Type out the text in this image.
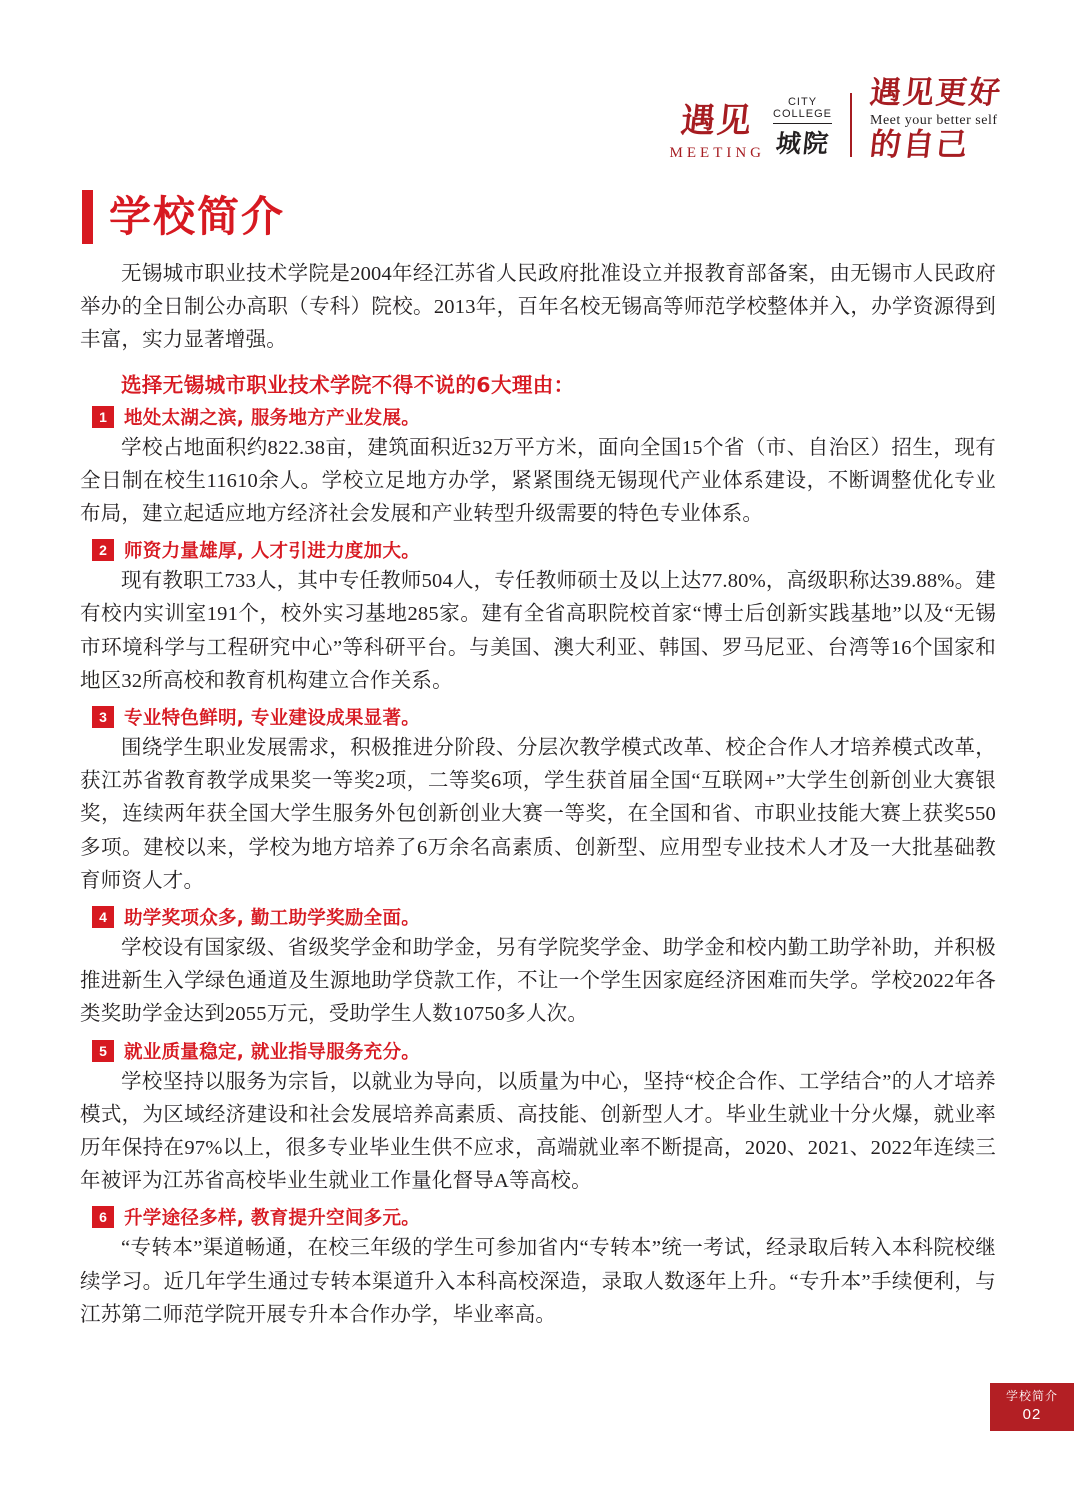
遇见
MEETING
CITY
COLLEGE
城院
遇见更好
Meet your better self
的自己
学校简介

无锡城市职业技术学院是2004年经江苏省人民政府批准设立并报教育部备案，由无锡市人民政府举办的全日制公办高职（专科）院校。2013年，百年名校无锡高等师范学校整体并入，办学资源得到丰富，实力显著增强。

选择无锡城市职业技术学院不得不说的6大理由：
1 地处太湖之滨, 服务地方产业发展。

学校占地面积约822.38亩，建筑面积近32万平方米，面向全国15个省（市、自治区）招生，现有全日制在校生11610余人。学校立足地方办学，紧紧围绕无锡现代产业体系建设，不断调整优化专业布局，建立起适应地方经济社会发展和产业转型升级需要的特色专业体系。

2 师资力量雄厚, 人才引进力度加大。

现有教职工733人，其中专任教师504人，专任教师硕士及以上达77.80%，高级职称达39.88%。建有校内实训室191个，校外实习基地285家。建有全省高职院校首家“博士后创新实践基地”以及“无锡市环境科学与工程研究中心”等科研平台。与美国、澳大利亚、韩国、罗马尼亚、台湾等16个国家和地区32所高校和教育机构建立合作关系。

3 专业特色鲜明, 专业建设成果显著。

围绕学生职业发展需求，积极推进分阶段、分层次教学模式改革、校企合作人才培养模式改革，获江苏省教育教学成果奖一等奖2项，二等奖6项，学生获首届全国“互联网+”大学生创新创业大赛银奖，连续两年获全国大学生服务外包创新创业大赛一等奖，在全国和省、市职业技能大赛上获奖550多项。建校以来，学校为地方培养了6万余名高素质、创新型、应用型专业技术人才及一大批基础教育师资人才。

4 助学奖项众多, 勤工助学奖励全面。

学校设有国家级、省级奖学金和助学金，另有学院奖学金、助学金和校内勤工助学补助，并积极推进新生入学绿色通道及生源地助学贷款工作，不让一个学生因家庭经济困难而失学。学校2022年各类奖助学金达到2055万元，受助学生人数10750多人次。

5 就业质量稳定, 就业指导服务充分。

学校坚持以服务为宗旨，以就业为导向，以质量为中心，坚持“校企合作、工学结合”的人才培养模式，为区域经济建设和社会发展培养高素质、高技能、创新型人才。毕业生就业十分火爆，就业率历年保持在97%以上，很多专业毕业生供不应求，高端就业率不断提高，2020、2021、2022年连续三年被评为江苏省高校毕业生就业工作量化督导A等高校。

6 升学途径多样, 教育提升空间多元。

“专转本”渠道畅通，在校三年级的学生可参加省内“专转本”统一考试，经录取后转入本科院校继续学习。近几年学生通过专转本渠道升入本科高校深造，录取人数逐年上升。“专升本”手续便利，与江苏第二师范学院开展专升本合作办学，毕业率高。

学校简介
02
